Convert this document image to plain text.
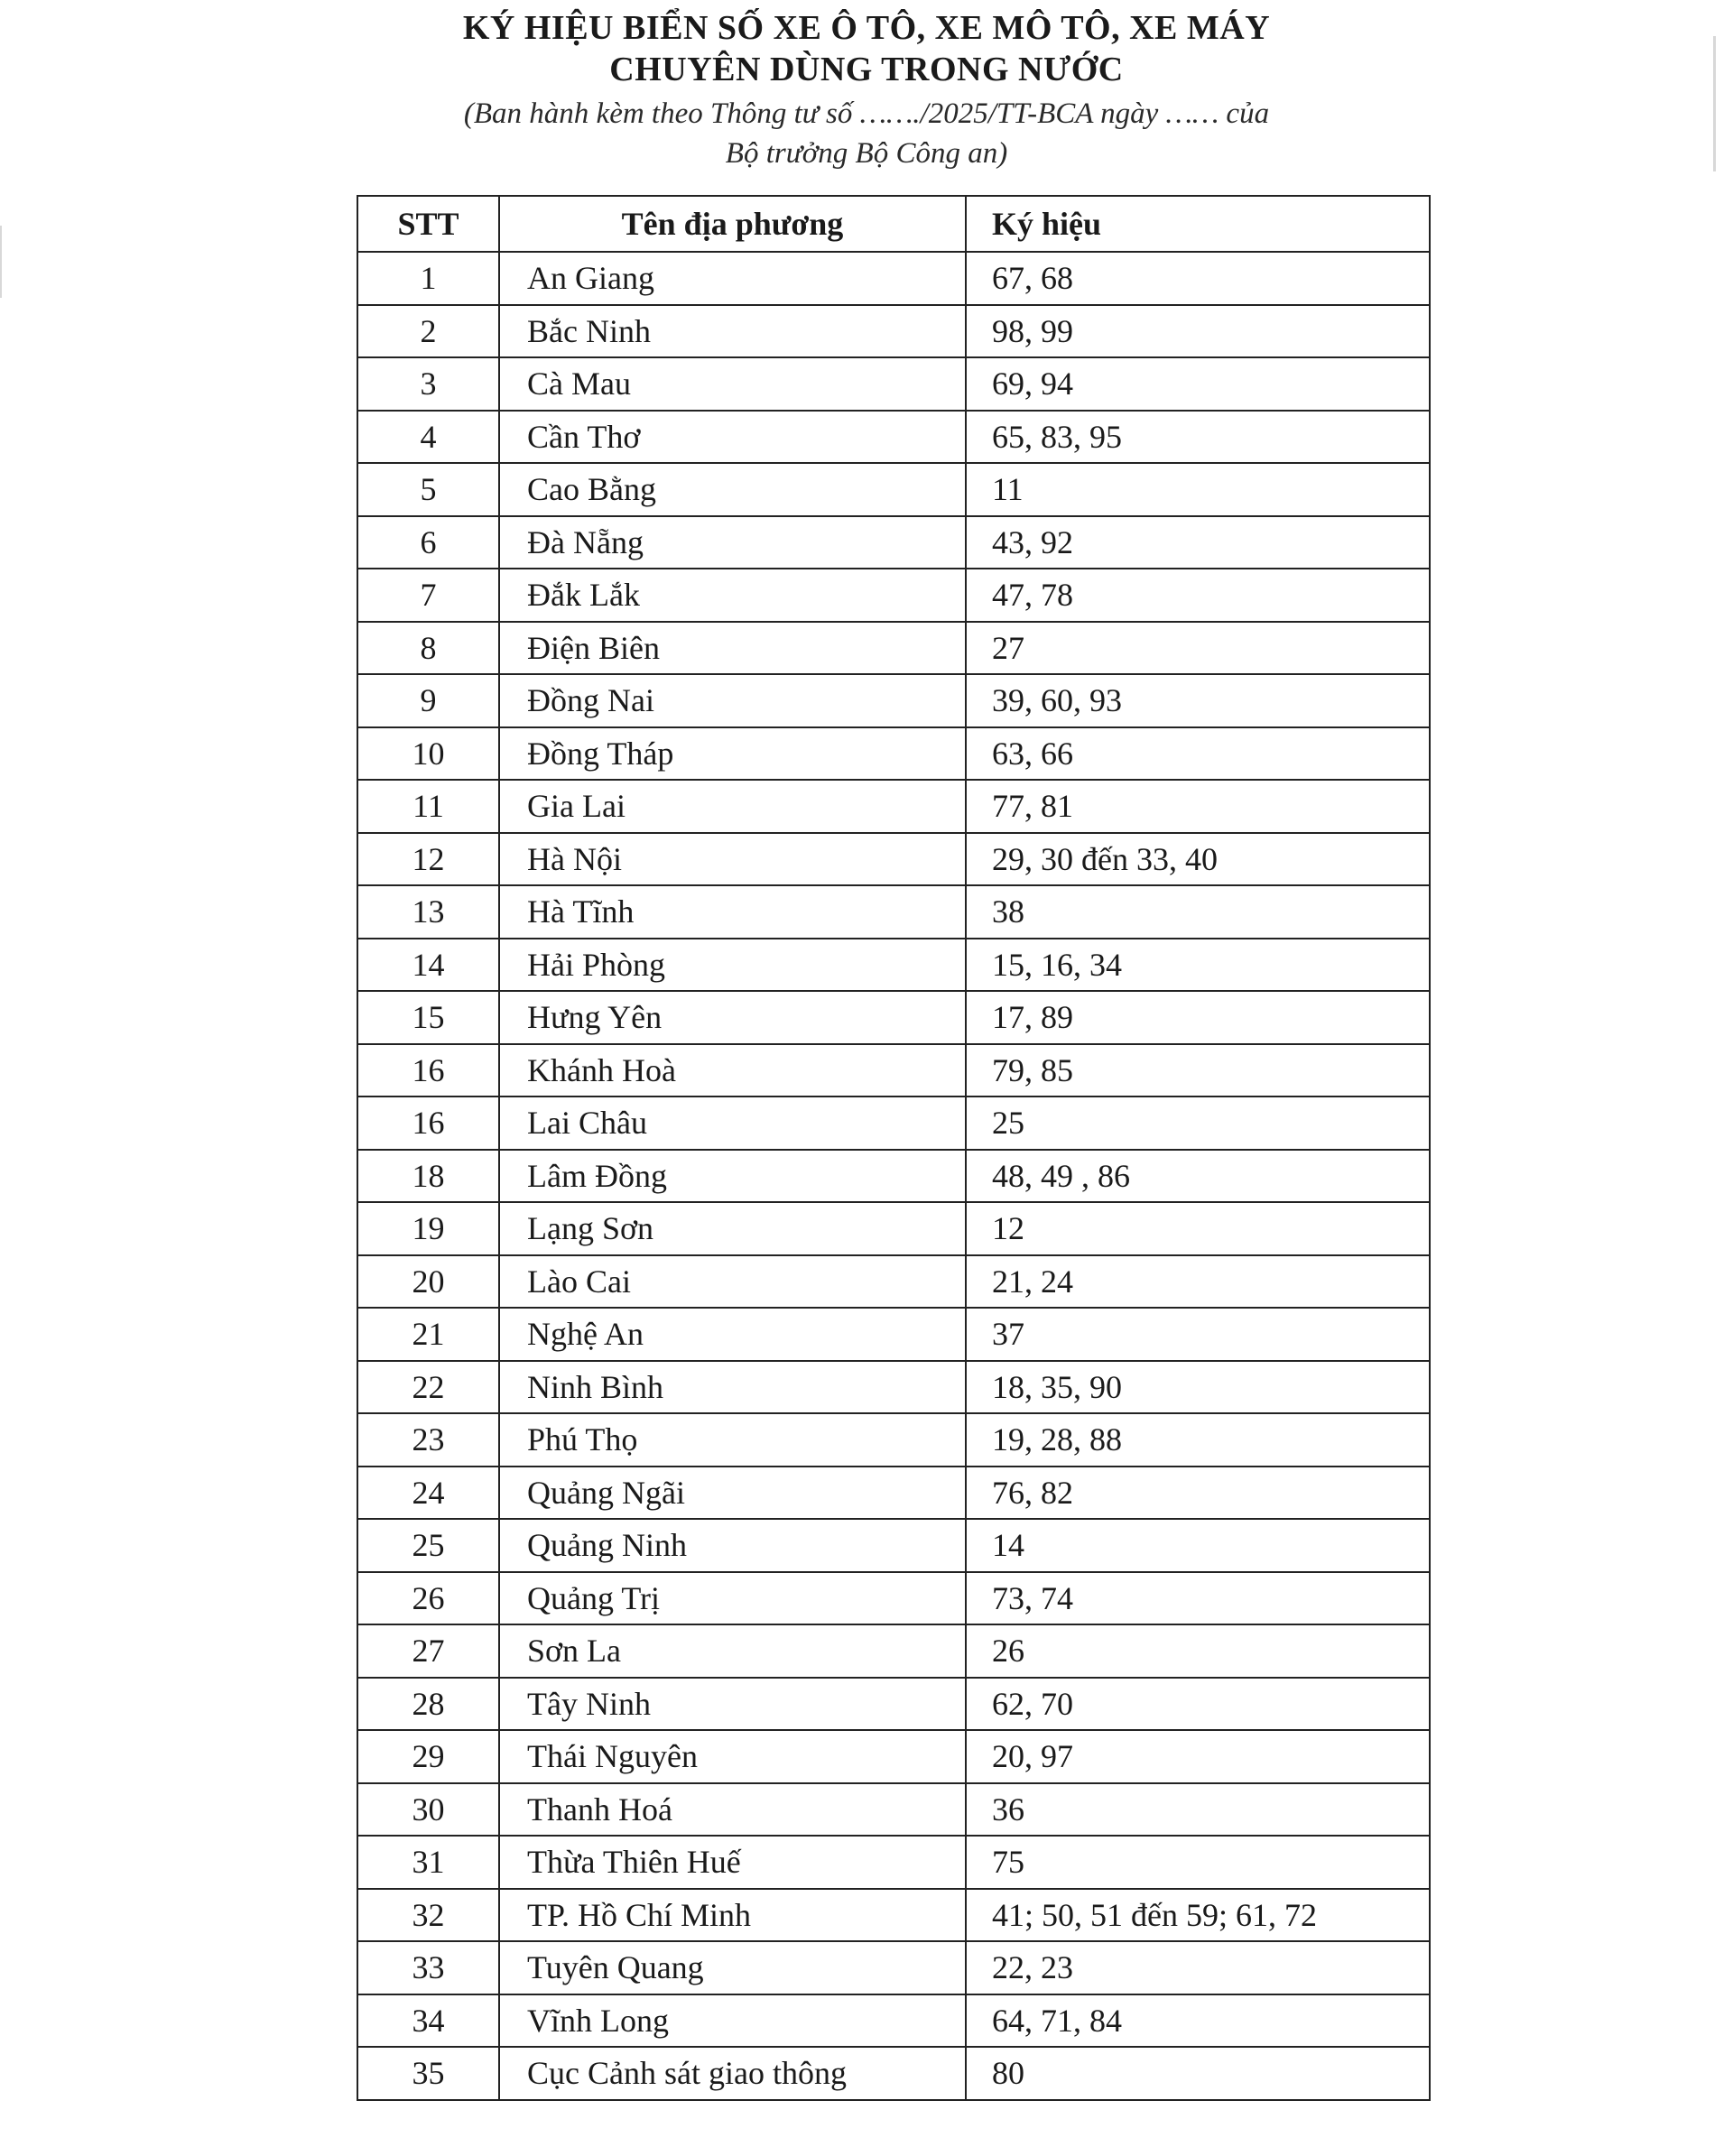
KÝ HIỆU BIỂN SỐ XE Ô TÔ, XE MÔ TÔ, XE MÁY
CHUYÊN DÙNG TRONG NƯỚC
(Ban hành kèm theo Thông tư số ……./2025/TT-BCA ngày …… của
Bộ trưởng Bộ Công an)
STT	Tên địa phương	Ký hiệu
1	An Giang	67, 68
2	Bắc Ninh	98, 99
3	Cà Mau	69, 94
4	Cần Thơ	65, 83, 95
5	Cao Bằng	11
6	Đà Nẵng	43, 92
7	Đắk Lắk	47, 78
8	Điện Biên	27
9	Đồng Nai	39, 60, 93
10	Đồng Tháp	63, 66
11	Gia Lai	77, 81
12	Hà Nội	29, 30 đến 33, 40
13	Hà Tĩnh	38
14	Hải Phòng	15, 16, 34
15	Hưng Yên	17, 89
16	Khánh Hoà	79, 85
16	Lai Châu	25
18	Lâm Đồng	48, 49 , 86
19	Lạng Sơn	12
20	Lào Cai	21, 24
21	Nghệ An	37
22	Ninh Bình	18, 35, 90
23	Phú Thọ	19, 28, 88
24	Quảng Ngãi	76, 82
25	Quảng Ninh	14
26	Quảng Trị	73, 74
27	Sơn La	26
28	Tây Ninh	62, 70
29	Thái Nguyên	20, 97
30	Thanh Hoá	36
31	Thừa Thiên Huế	75
32	TP. Hồ Chí Minh	41; 50, 51 đến 59; 61, 72
33	Tuyên Quang	22, 23
34	Vĩnh Long	64, 71, 84
35	Cục Cảnh sát giao thông	80
